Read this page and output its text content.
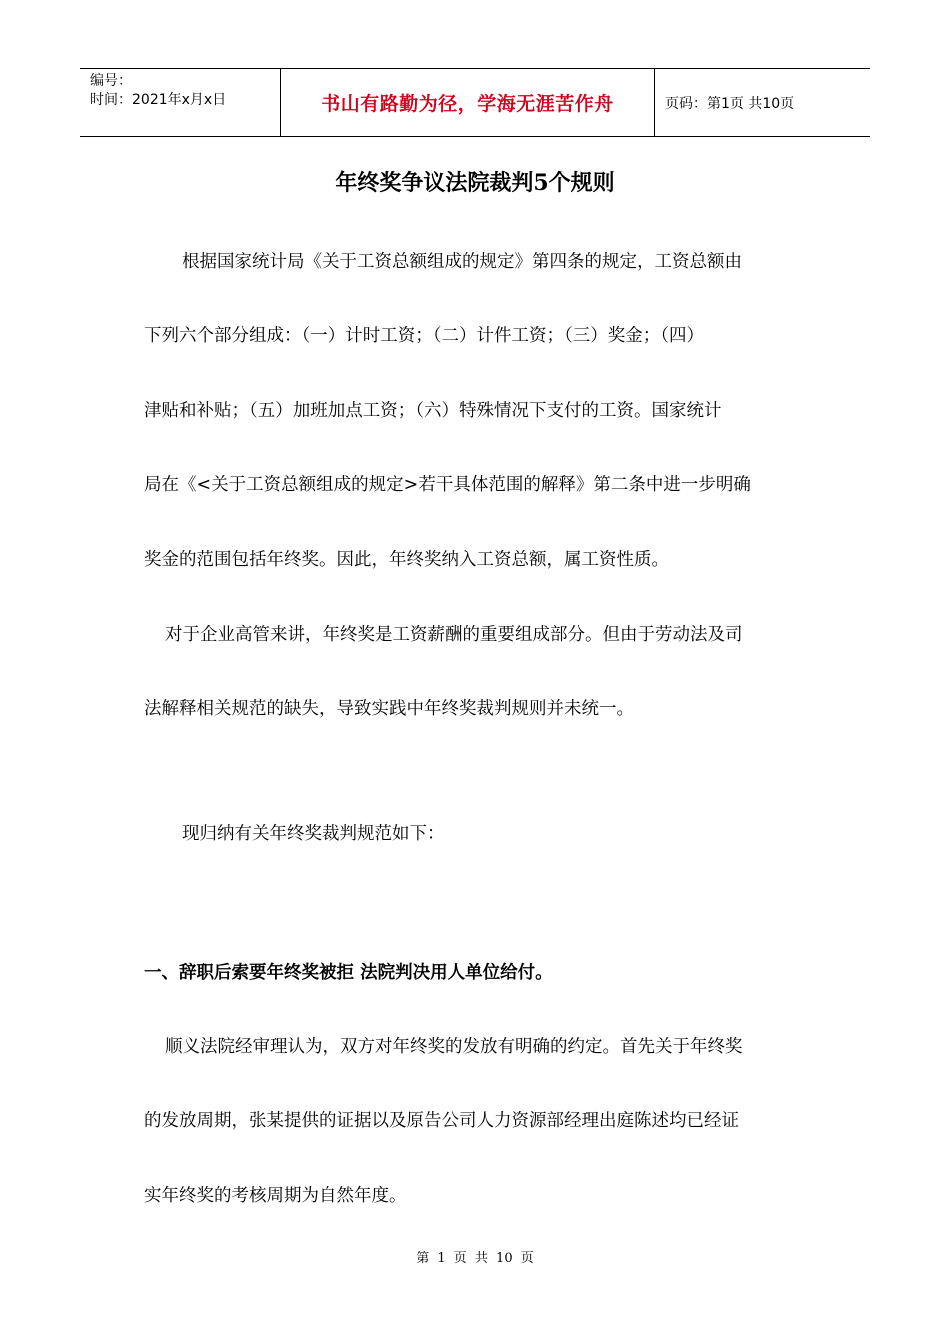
编号：
时间：2021年x月x日	书山有路勤为径，学海无涯苦作舟	页码：第1页 共10页
年终奖争议法院裁判5个规则
根据国家统计局《关于工资总额组成的规定》第四条的规定，工资总额由
下列六个部分组成：（一）计时工资；（二）计件工资；（三）奖金；（四）
津贴和补贴；（五）加班加点工资；（六）特殊情况下支付的工资。国家统计
局在《<关于工资总额组成的规定>若干具体范围的解释》第二条中进一步明确
奖金的范围包括年终奖。因此，年终奖纳入工资总额，属工资性质。
对于企业高管来讲，年终奖是工资薪酬的重要组成部分。但由于劳动法及司
法解释相关规范的缺失，导致实践中年终奖裁判规则并未统一。
现归纳有关年终奖裁判规范如下：
一、辞职后索要年终奖被拒 法院判决用人单位给付。
顺义法院经审理认为，双方对年终奖的发放有明确的约定。首先关于年终奖
的发放周期，张某提供的证据以及原告公司人力资源部经理出庭陈述均已经证
实年终奖的考核周期为自然年度。
第 1 页 共 10 页
